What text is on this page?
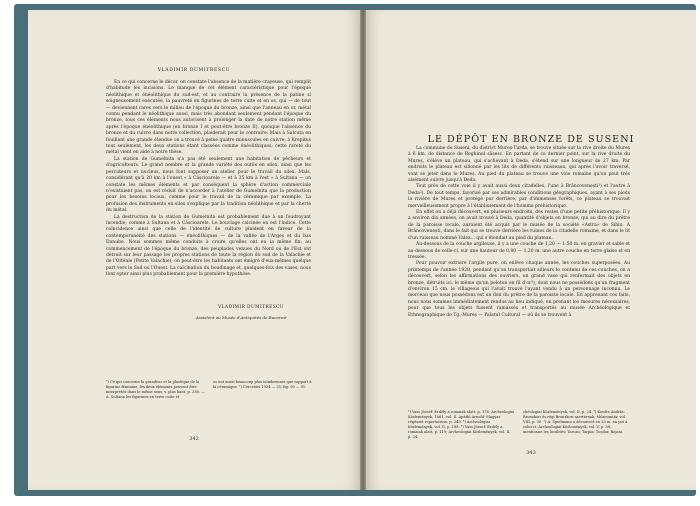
VLADIMIR DUMITRESCU

En ce qui concerne le décor, on constate l'absence de la matière crayeuse, qui remplit d'habitude les incisions. Le manque de cet élément caractéristique pour l'époque néolithique et énéolithique du sud-est, et au contraire la présence de la patine si soigneusement exécutée, la pauvreté en figurines de terre cuite et en os, qui — de tout — deviennent rares vers le milieu de l'époque du bronze, ainsi que l'anneau en or, métal connu pendant le néolithique aussi, mais très abondant seulement pendant l'époque du bronze, tous ces éléments nous autorisent à prolonger la date de notre station même après l'époque énéolithique (en bronze I et peut-être bronze II), quoique l'absence du bronze et du cuivre dans notre collection, plaiderait pour le contraire: Mais à Salcuta en fouillant une grande étendue on a trouvé à peine quatre minuscules en cuivre; à Krepitus tout seulement, les deux stations étant classées comme énéolithiques; cette rareté du métal vient en aide à notre thèse.

La station de Gumelnita n'a pas été seulement une habitation de pêcheurs et d'agriculteurs. Le grand nombre et la grande variété des outils en silex, ainsi que les percuteurs et nucleus, nous font supposer un atelier pour le travail du silex. Mais, considérant qu'à 20 km à l'ouest « à Căscioarele — et à 35 km à l'est » à Sultana — on constate les mêmes éléments et par conséquent la sphère d'action commerciale n'existaient pas, on est réduit de n'accorder à l'atelier de Gumelnita que la production pour les besoins locaux, comme pour le travail de la céramique par exemple. La profusion des instruments en silex s'explique par la tradition néolithique et par la cherté du métal.

La destruction de la station de Gumelnita est probablement due à un foudroyant incendie, comme à Sultana et à Căscioarele. Le bouclage calcinée en est l'indice. Cette coïncidence ainsi que celle de l'identité de culture plaident en faveur de la contemporanéité des stations — énéolithiques — de la vallée de l'Argeș et du bas Danube. Nous sommes même conduits à croire qu'elles ont eu la même fin: au commencement de l'époque du bronze, des peuplades venues du Nord ou de l'Est ont détruit sur leur passage les propres stations de toute la région du sud de la Valachie et de l'Olténie (Petite Valachie); on peut-être les habitants ont émigré d'eux-mêmes quelque part vers le Sud ou l'Ouest. La calcination du boudinage et, quelques-fois des vases, nous font opter ainsi plus probablement pour la première hypothèse.

VLADIMIR DUMITRESCU
Assistent au Musée d'Antiquités de Bucarest

¹) Ce qui concerne la grandeur et la plastique de la figurine féminine, les deux éléments peuvent être interprétés dans le même sens, v. plus haut, p. 338. — A. Sultana les figurines en terre cuite et

os ont aussi beaucoup plus nombreuses que rapport à la céramique. ²) Cercetări 1934 — 35, fig. 90 — 91.

342
LE DÉPÔT EN BRONZE DE SUSENI

La commune de Suseni, du district Mureș-Turda, se trouve située sur la rive droite du Mureș à 6 km. de distance de Reghinul săsesc. En partant de ce dernier point, sur la rive droite du Mureș, s'élève un plateau, qui s'achevant à Deda, s'étend sur une longueur de 27 km. Par endroits le plateau est sillonné par les lits de différents ruisseaux, qui après l'avoir traversé, vont se jeter dans le Mureș. Au pied du plateau se trouve une voie romaine qu'on peut très aisément suivre jusqu'à Deda.

Tout près de cette voie il y avait aussi deux citadelles, l'une à Brâncovenești¹) et l'autre à Deda²). De tout temps, favorisé par ses admirables conditions géographiques, ayant à ses pieds la rivière de Mureș et protégé par derrière, par d'immenses forêts, ce plateau se trouvait merveilleusement propre à l'établissement de l'homme préhistorique.

En effet on a déjà découvert, en plusieurs endroits, des restes d'une petite préhistorique. Il y a environ dix années, on avait trouvé à Deda, quantité d'objets en bronze, qui au dire du prêtre de la paroisse locale, auraient été acquis par le musée de la société «Astra» de Sibiu. A Brâncovenești, dans le fait qui se trouve derrière les ruines de la citadelle romaine, et dans le lit d'un ruisseau nommé Valea... qui s'étendait au pied du plateau.

Au-dessous de la couche argileuse, il y a une couche de 1,20 — 1,50 m. en gravier et sable et au-dessous de celle-ci, sur une hauteur de 0,80 — 1,20 m. une autre couche en terre glaise et en tressée.

Pour pouvoir extraire l'argile pure, on enlève chaque année, les couches superposées. Au printemps de l'année 1928, pendant qu'on transportait ailleurs le contenu de ces couches, on a découvert, selon les affirmations des ouvriers, un grand vase qui renfermait des objets en bronze, détruits ici, le même qu'un peloton en fil d'or³), dont nous ne possédons qu'un fragment d'environ 15 cm. le villageois qui l'avait trouvé l'ayant vendu à un personnage inconnu. Le morceau que nous possédons est un don du prêtre de la paroisse locale. En apprenant ces faits, nous nous sommes immédiatement rendus au lieu indiqué, en prenant les mesures nécessaires, pour que tous les objets fussent ramassés et transportés au musée Archéologique et Ethnographique de Tg.-Mureș — Palatul Cultural — où ils se trouvent à

¹) Vass József: Erdély a romaiak alatt, p. 176; Archeologiai Közlemények, 1861, vol. II. Apáthi Arnold: Magyar régészet repertorium, p. 243. ²) Archeologiai Közlemények, vol. II, p. 188. ³) Vass József: Erdély a romaiak alatt, p. 119; Archeologiai Közlemények, vol. II, p. 24.

chéologiai Közlemények, vol. II, p. 24. ⁴) Kováts András: Bronzkori és régi Bronzkori szertárnak, Műzeumtár, vol. VIII, p. 30. ⁵) A. Spielmann a découvert en 23 m. en pot à celui-ci. Archeologiai Közlemények, vol. V, p. 38, mentionne les localités: Tarcau, Tarpia, Tușilor, Bojani.

343
